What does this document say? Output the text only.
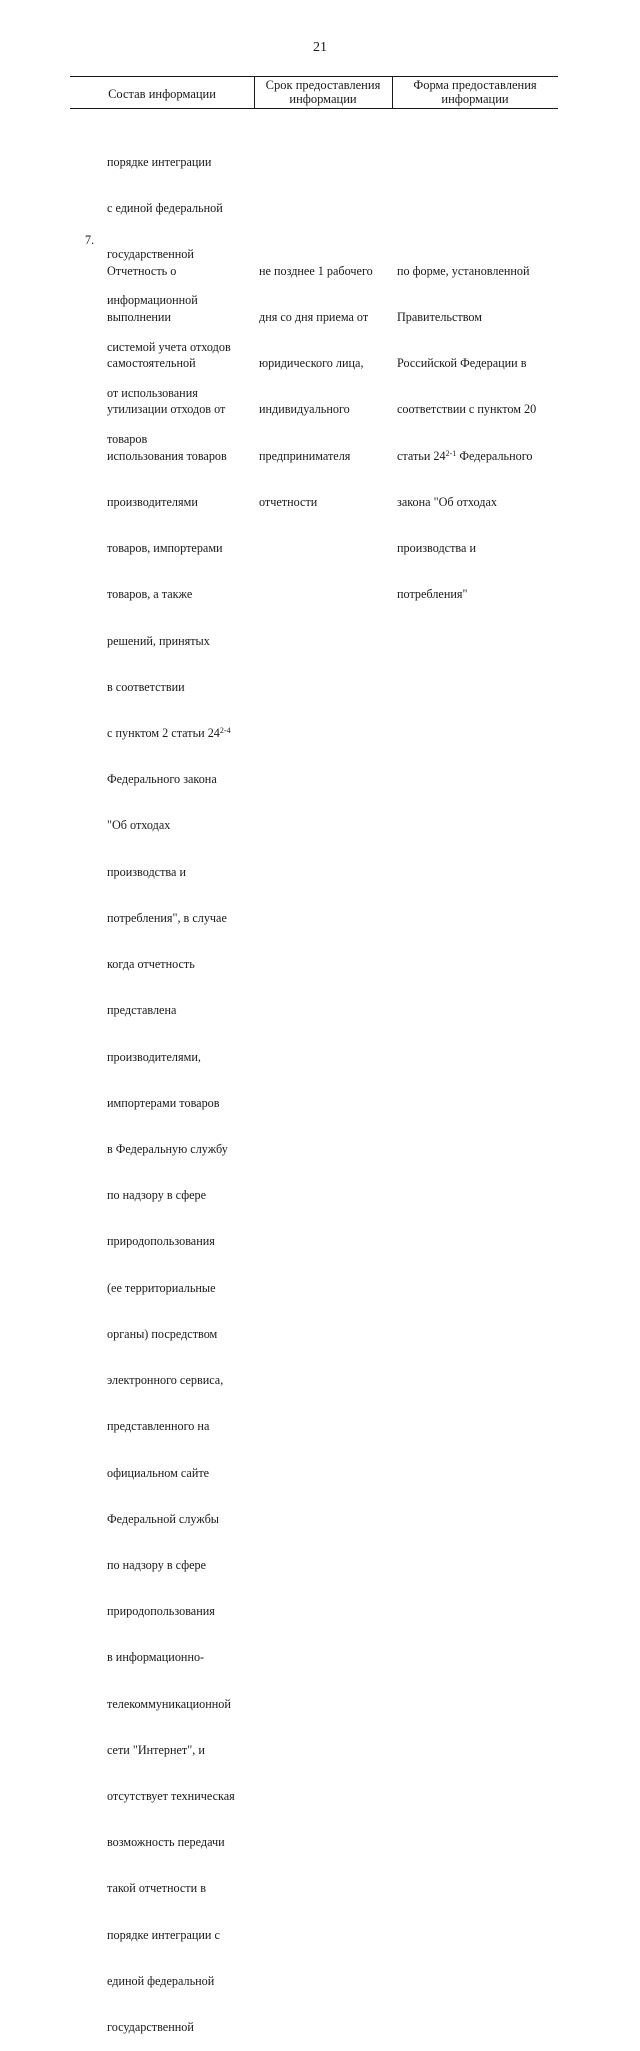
21
Состав информации
Срок предоставления информации
Форма предоставления информации

порядке интеграции

с единой федеральной

государственной

информационной

системой учета отходов

от использования

товаров

7.

Отчетность о

выполнении

самостоятельной

утилизации отходов от

использования товаров

производителями

товаров, импортерами

товаров, а также

решений, принятых

в соответствии

с пунктом 2 статьи 24$^{2-4}$

Федерального закона

"Об отходах

производства и

потребления", в случае

когда отчетность

представлена

производителями,

импортерами товаров

в Федеральную службу

по надзору в сфере

природопользования

(ее территориальные

органы) посредством

электронного сервиса,

представленного на

официальном сайте

Федеральной службы

по надзору в сфере

природопользования

в информационно-

телекоммуникационной

сети "Интернет", и

отсутствует техническая

возможность передачи

такой отчетности в

порядке интеграции с

единой федеральной

государственной

не позднее 1 рабочего

дня со дня приема от

юридического лица,

индивидуального

предпринимателя

отчетности

по форме, установленной

Правительством

Российской Федерации в

соответствии с пунктом 20

статьи 24$^{2-1}$ Федерального

закона "Об отходах

производства и

потребления"
